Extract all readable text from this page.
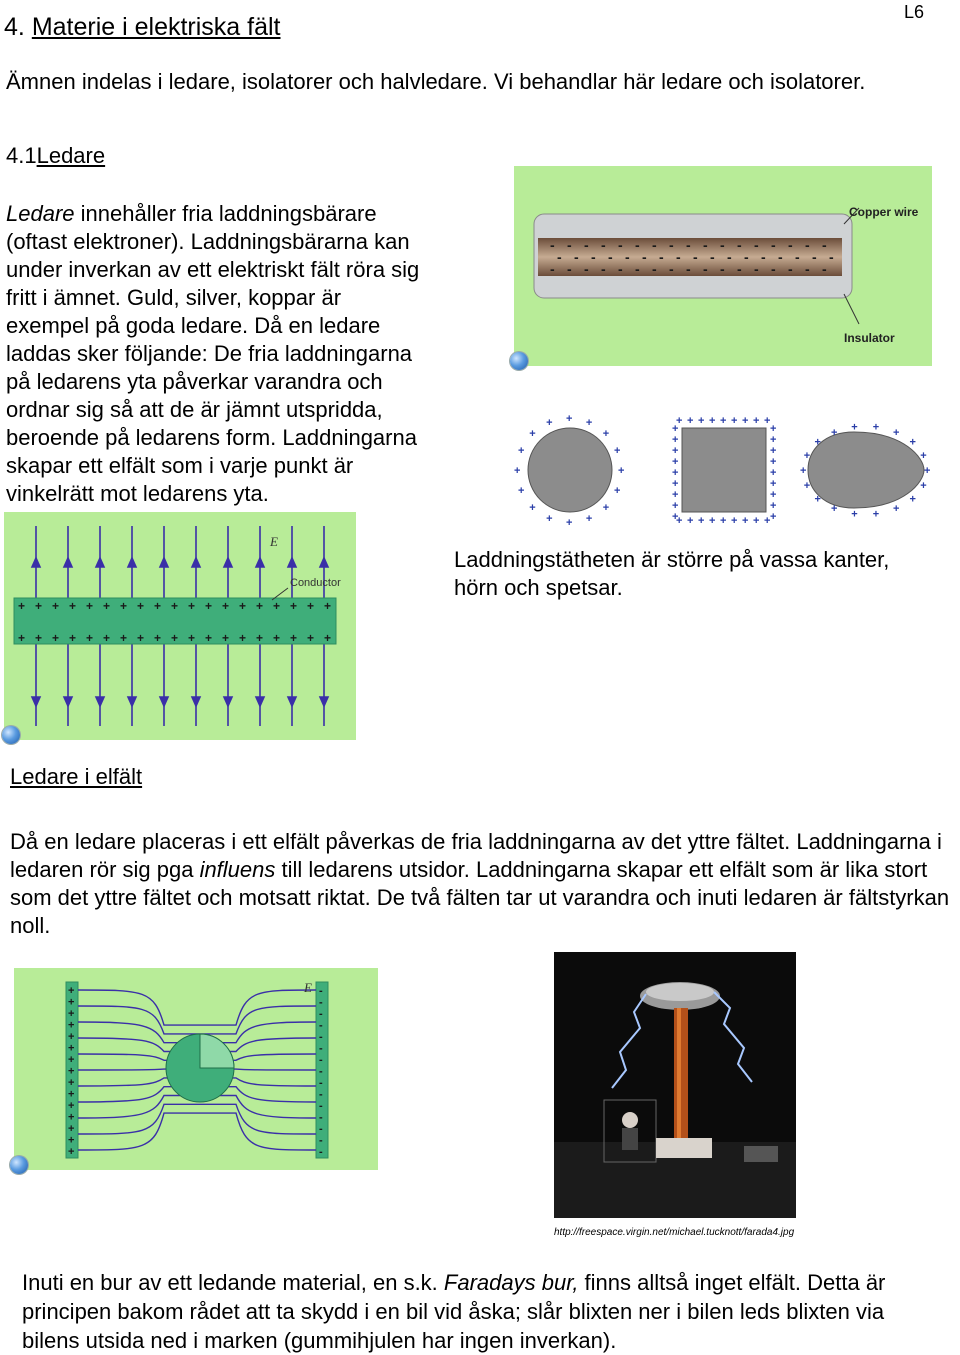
4. Materie i elektriska fält
L6
Ämnen indelas i ledare, isolatorer och halvledare. Vi behandlar här ledare och isolatorer.
4.1Ledare
Ledare innehåller fria laddningsbärare
(oftast elektroner). Laddningsbärarna kan
under inverkan av ett elektriskt fält röra sig
fritt i ämnet. Guld, silver, koppar är
exempel på goda ledare. Då en ledare
laddas sker följande: De fria laddningarna
på ledarens yta påverkar varandra och
ordnar sig så att de är jämnt utspridda,
beroende på ledarens form. Laddningarna
skapar ett elfält som i varje punkt är
vinkelrätt mot ledarens yta.
- - - - - - - - - - - - - - - - -
- - - - - - - - - - - - - - - - -
- - - - - - - - - - - - - - - - -
Copper wire
Insulator
+
+
+
+
+
+
+
+
+
+
+
+ + +
+
+
+
+
+	+
+
+
+	+
+
+
+	+
+
+
+	+
+
+
+	+
+
+
+	+
+
+
+	+
+
+
+	+
+
+
+	+
+
+
+
+
+
+
+
+
+
+
+
+
+ + + +
+
+
+
+
+
+
+
+
+
+
+
+
+
+
+
+
+
+
+
+
+
+
+
+
+
+
+
+
+
+
+
+
+
+
+
+
+
+
+
+
E
Conductor
Laddningstätheten är större på vassa kanter,
hörn och spetsar.
Ledare i elfält
Då en ledare placeras i ett elfält påverkas de fria laddningarna av det yttre fältet. Laddningarna i ledaren rör sig pga influens till ledarens utsidor. Laddningarna skapar ett elfält som är lika stort som det yttre fältet och motsatt riktat. De två fälten tar ut varandra och inuti ledaren är fältstyrkan noll.
+	-
+	-
+	-
+	-
+	-
+	-
+	-
+	-
+	-
+	-
+	-
+	-
+	-
+	-
+	-
E
http://freespace.virgin.net/michael.tucknott/farada4.jpg
Inuti en bur av ett ledande material, en s.k. Faradays bur, finns alltså inget elfält. Detta är principen bakom rådet att ta skydd i en bil vid åska; slår blixten ner i bilen leds blixten via bilens utsida ned i marken (gummihjulen har ingen inverkan).
